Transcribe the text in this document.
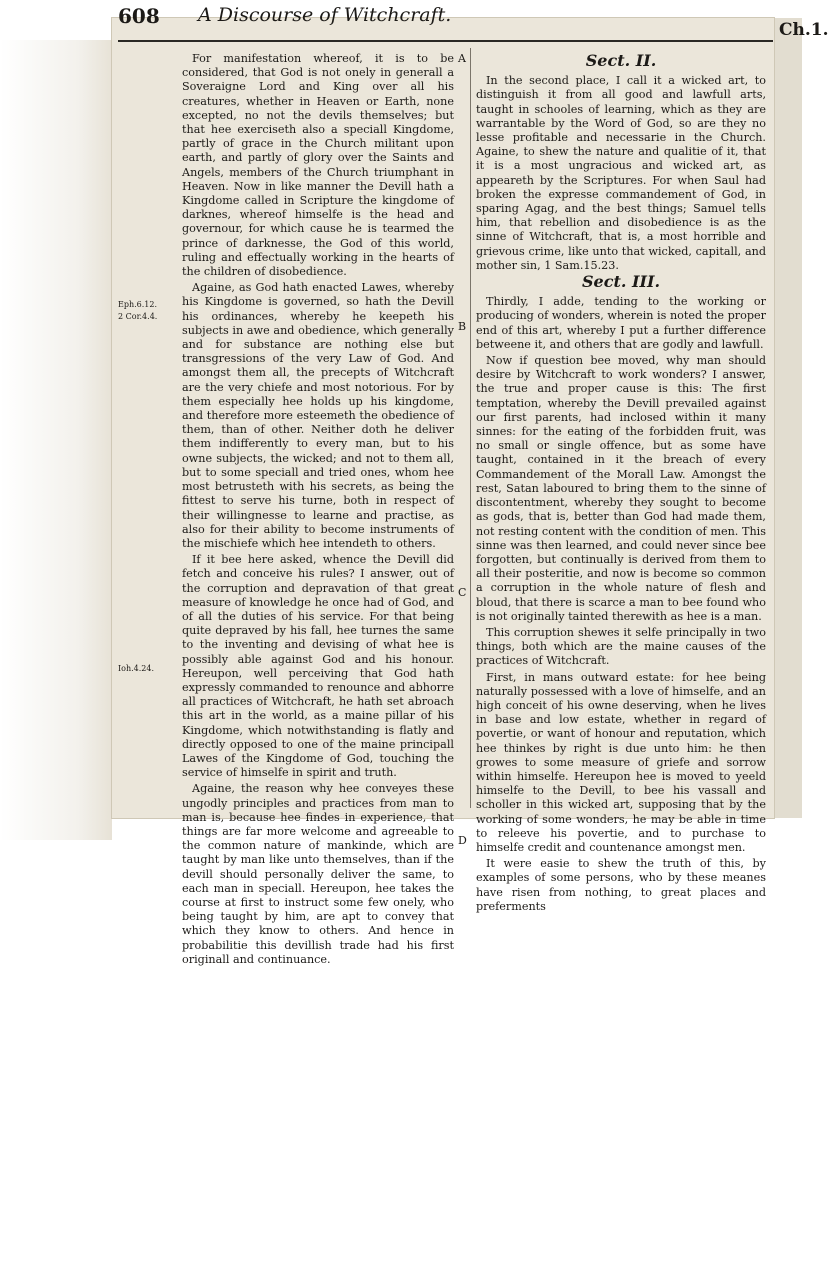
Ch.1.
608 A Discourse of Witchcraft.
Eph.6.12.
2 Cor.4.4.
Ioh.4.24.
A
B
C
D

For manifestation whereof, it is to be considered, that God is not onely in generall a Soveraigne Lord and King over all his creatures, whether in Heaven or Earth, none excepted, no not the devils themselves; but that hee exerciseth also a speciall Kingdome, partly of grace in the Church militant upon earth, and partly of glory over the Saints and Angels, members of the Church triumphant in Heaven. Now in like manner the Devill hath a Kingdome called in Scripture the kingdome of darknes, whereof himselfe is the head and governour, for which cause he is tearmed the prince of darknesse, the God of this world, ruling and effectually working in the hearts of the children of disobedience.

Againe, as God hath enacted Lawes, whereby his Kingdome is governed, so hath the Devill his ordinances, whereby he keepeth his subjects in awe and obedience, which generally and for substance are nothing else but transgressions of the very Law of God. And amongst them all, the precepts of Witchcraft are the very chiefe and most notorious. For by them especially hee holds up his kingdome, and therefore more esteemeth the obedience of them, than of other. Neither doth he deliver them indifferently to every man, but to his owne subjects, the wicked; and not to them all, but to some speciall and tried ones, whom hee most betrusteth with his secrets, as being the fittest to serve his turne, both in respect of their willingnesse to learne and practise, as also for their ability to become instruments of the mischiefe which hee intendeth to others.

If it bee here asked, whence the Devill did fetch and conceive his rules? I answer, out of the corruption and depravation of that great measure of knowledge he once had of God, and of all the duties of his service. For that being quite depraved by his fall, hee turnes the same to the inventing and devising of what hee is possibly able against God and his honour. Hereupon, well perceiving that God hath expressly commanded to renounce and abhorre all practices of Witchcraft, he hath set abroach this art in the world, as a maine pillar of his Kingdome, which notwithstanding is flatly and directly opposed to one of the maine principall Lawes of the Kingdome of God, touching the service of himselfe in spirit and truth.

Againe, the reason why hee conveyes these ungodly principles and practices from man to man is, because hee findes in experience, that things are far more welcome and agreeable to the common nature of mankinde, which are taught by man like unto themselves, than if the devill should personally deliver the same, to each man in speciall. Hereupon, hee takes the course at first to instruct some few onely, who being taught by him, are apt to convey that which they know to others. And hence in probabilitie this devillish trade had his first originall and continuance.

Sect. II.

In the second place, I call it a wicked art, to distinguish it from all good and lawfull arts, taught in schooles of learning, which as they are warrantable by the Word of God, so are they no lesse profitable and necessarie in the Church. Againe, to shew the nature and qualitie of it, that it is a most ungracious and wicked art, as appeareth by the Scriptures. For when Saul had broken the expresse commandement of God, in sparing Agag, and the best things; Samuel tells him, that rebellion and disobedience is as the sinne of Witchcraft, that is, a most horrible and grievous crime, like unto that wicked, capitall, and mother sin, 1 Sam.15.23.

Sect. III.

Thirdly, I adde, tending to the working or producing of wonders, wherein is noted the proper end of this art, whereby I put a further difference betweene it, and others that are godly and lawfull.

Now if question bee moved, why man should desire by Witchcraft to work wonders? I answer, the true and proper cause is this: The first temptation, whereby the Devill prevailed against our first parents, had inclosed within it many sinnes: for the eating of the forbidden fruit, was no small or single offence, but as some have taught, contained in it the breach of every Commandement of the Morall Law. Amongst the rest, Satan laboured to bring them to the sinne of discontentment, whereby they sought to become as gods, that is, better than God had made them, not resting content with the condition of men. This sinne was then learned, and could never since bee forgotten, but continually is derived from them to all their posteritie, and now is become so common a corruption in the whole nature of flesh and bloud, that there is scarce a man to bee found who is not originally tainted therewith as hee is a man.

This corruption shewes it selfe principally in two things, both which are the maine causes of the practices of Witchcraft.

First, in mans outward estate: for hee being naturally possessed with a love of himselfe, and an high conceit of his owne deserving, when he lives in base and low estate, whether in regard of povertie, or want of honour and reputation, which hee thinkes by right is due unto him: he then growes to some measure of griefe and sorrow within himselfe. Hereupon hee is moved to yeeld himselfe to the Devill, to bee his vassall and scholler in this wicked art, supposing that by the working of some wonders, he may be able in time to releeve his povertie, and to purchase to himselfe credit and countenance amongst men.

It were easie to shew the truth of this, by examples of some persons, who by these meanes have risen from nothing, to great places and preferments
